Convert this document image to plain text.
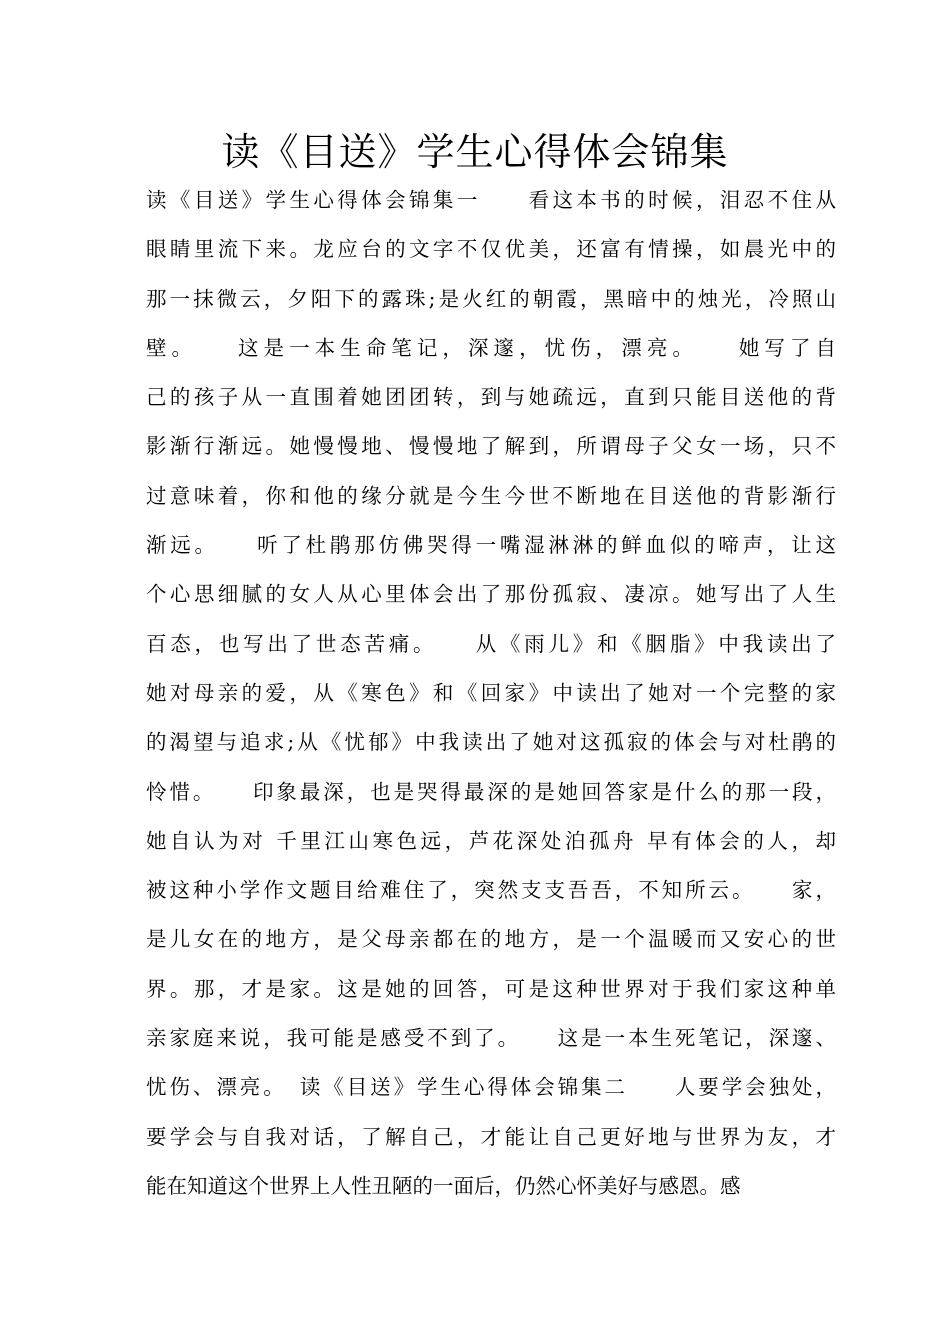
读《目送》学生心得体会锦集
读《目送》学生心得体会锦集一　　看这本书的时候，泪忍不住从
眼睛里流下来。龙应台的文字不仅优美，还富有情操，如晨光中的
那一抹微云，夕阳下的露珠;是火红的朝霞，黑暗中的烛光，冷照山
壁。　　这是一本生命笔记，深邃，忧伤，漂亮。　　她写了自
己的孩子从一直围着她团团转，到与她疏远，直到只能目送他的背
影渐行渐远。她慢慢地、慢慢地了解到，所谓母子父女一场，只不
过意味着，你和他的缘分就是今生今世不断地在目送他的背影渐行
渐远。　　听了杜鹃那仿佛哭得一嘴湿淋淋的鲜血似的啼声，让这
个心思细腻的女人从心里体会出了那份孤寂、凄凉。她写出了人生
百态，也写出了世态苦痛。　　从《雨儿》和《胭脂》中我读出了
她对母亲的爱，从《寒色》和《回家》中读出了她对一个完整的家
的渴望与追求;从《忧郁》中我读出了她对这孤寂的体会与对杜鹃的
怜惜。　　印象最深，也是哭得最深的是她回答家是什么的那一段，
她自认为对 千里江山寒色远，芦花深处泊孤舟 早有体会的人，却
被这种小学作文题目给难住了，突然支支吾吾，不知所云。　　家，
是儿女在的地方，是父母亲都在的地方，是一个温暖而又安心的世
界。那，才是家。这是她的回答，可是这种世界对于我们家这种单
亲家庭来说，我可能是感受不到了。　　这是一本生死笔记，深邃、
忧伤、漂亮。　读《目送》学生心得体会锦集二　　人要学会独处，
要学会与自我对话，了解自己，才能让自己更好地与世界为友，才
能在知道这个世界上人性丑陋的一面后，仍然心怀美好与感恩。感
